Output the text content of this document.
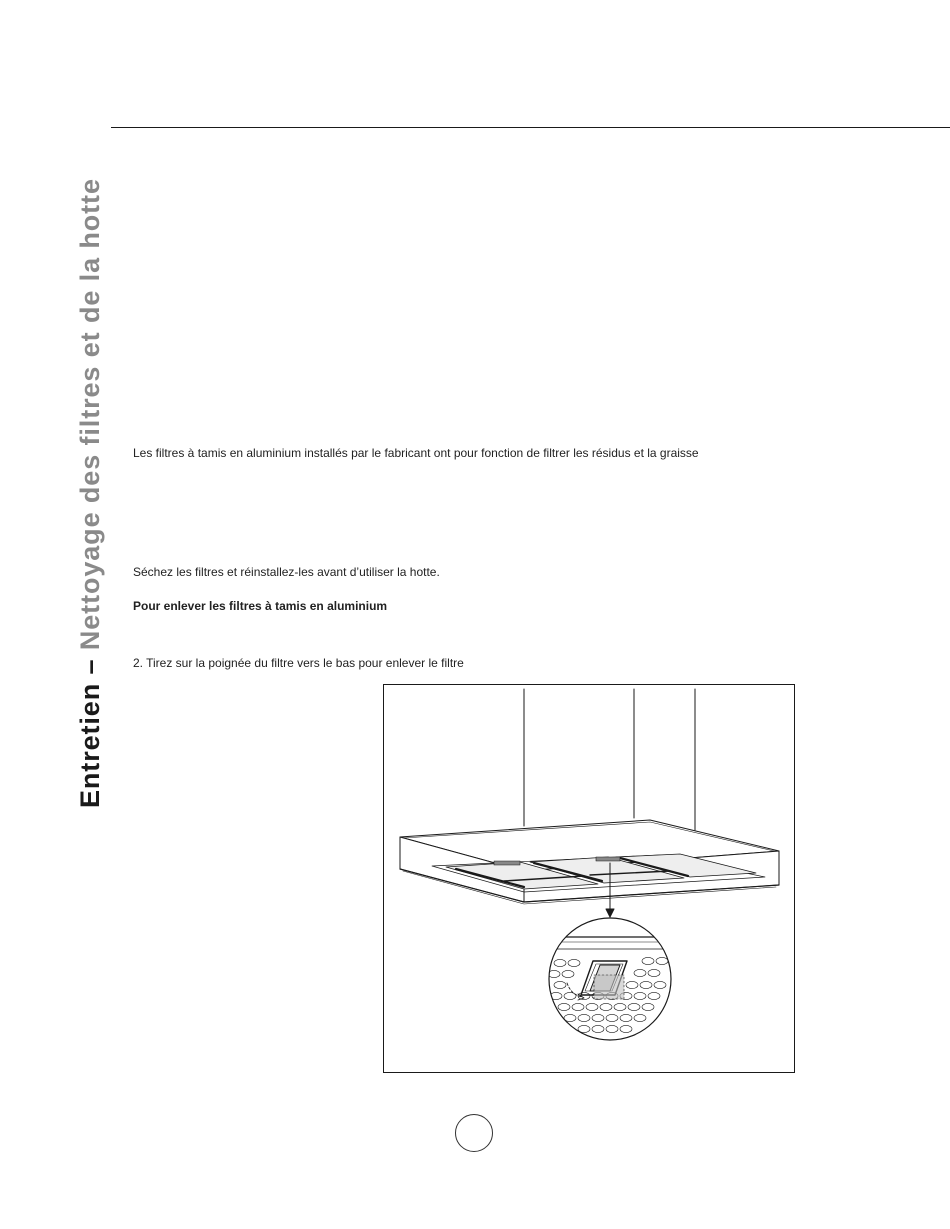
Entretien – Nettoyage des filtres et de la hotte Les filtres à tamis en aluminium installés par le fabricant ont pour fonction de filtrer les résidus et la graisse
Séchez les filtres et réinstallez-les avant d’utiliser la hotte.
Pour enlever les filtres à tamis en aluminium
2. Tirez sur la poignée du filtre vers le bas pour enlever le filtre
